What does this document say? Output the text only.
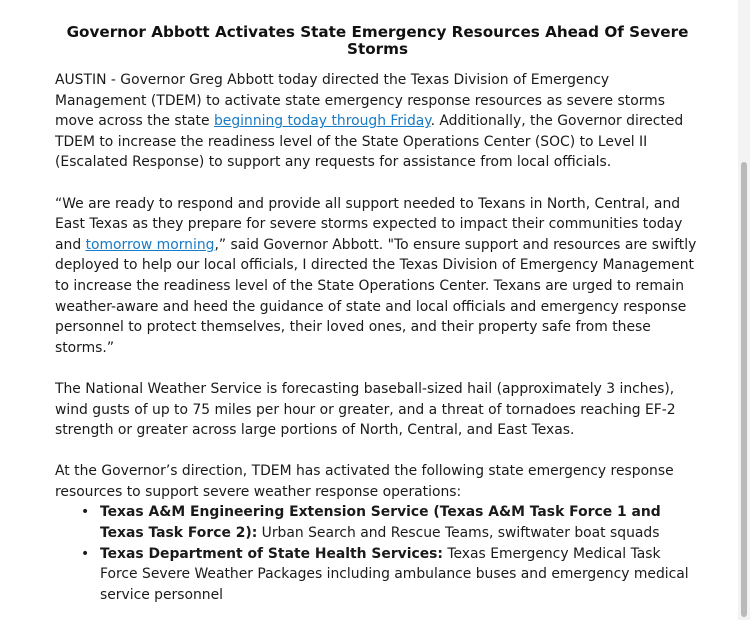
Governor Abbott Activates State Emergency Resources Ahead Of Severe Storms

AUSTIN - Governor Greg Abbott today directed the Texas Division of Emergency Management (TDEM) to activate state emergency response resources as severe storms move across the state beginning today through Friday. Additionally, the Governor directed TDEM to increase the readiness level of the State Operations Center (SOC) to Level II (Escalated Response) to support any requests for assistance from local officials.

“We are ready to respond and provide all support needed to Texans in North, Central, and East Texas as they prepare for severe storms expected to impact their communities today and tomorrow morning,” said Governor Abbott. "To ensure support and resources are swiftly deployed to help our local officials, I directed the Texas Division of Emergency Management to increase the readiness level of the State Operations Center. Texans are urged to remain weather-aware and heed the guidance of state and local officials and emergency response personnel to protect themselves, their loved ones, and their property safe from these storms.”

The National Weather Service is forecasting baseball-sized hail (approximately 3 inches), wind gusts of up to 75 miles per hour or greater, and a threat of tornadoes reaching EF-2 strength or greater across large portions of North, Central, and East Texas.

At the Governor’s direction, TDEM has activated the following state emergency response resources to support severe weather response operations:

• Texas A&M Engineering Extension Service (Texas A&M Task Force 1 and Texas Task Force 2): Urban Search and Rescue Teams, swiftwater boat squads
• Texas Department of State Health Services: Texas Emergency Medical Task Force Severe Weather Packages including ambulance buses and emergency medical service personnel
